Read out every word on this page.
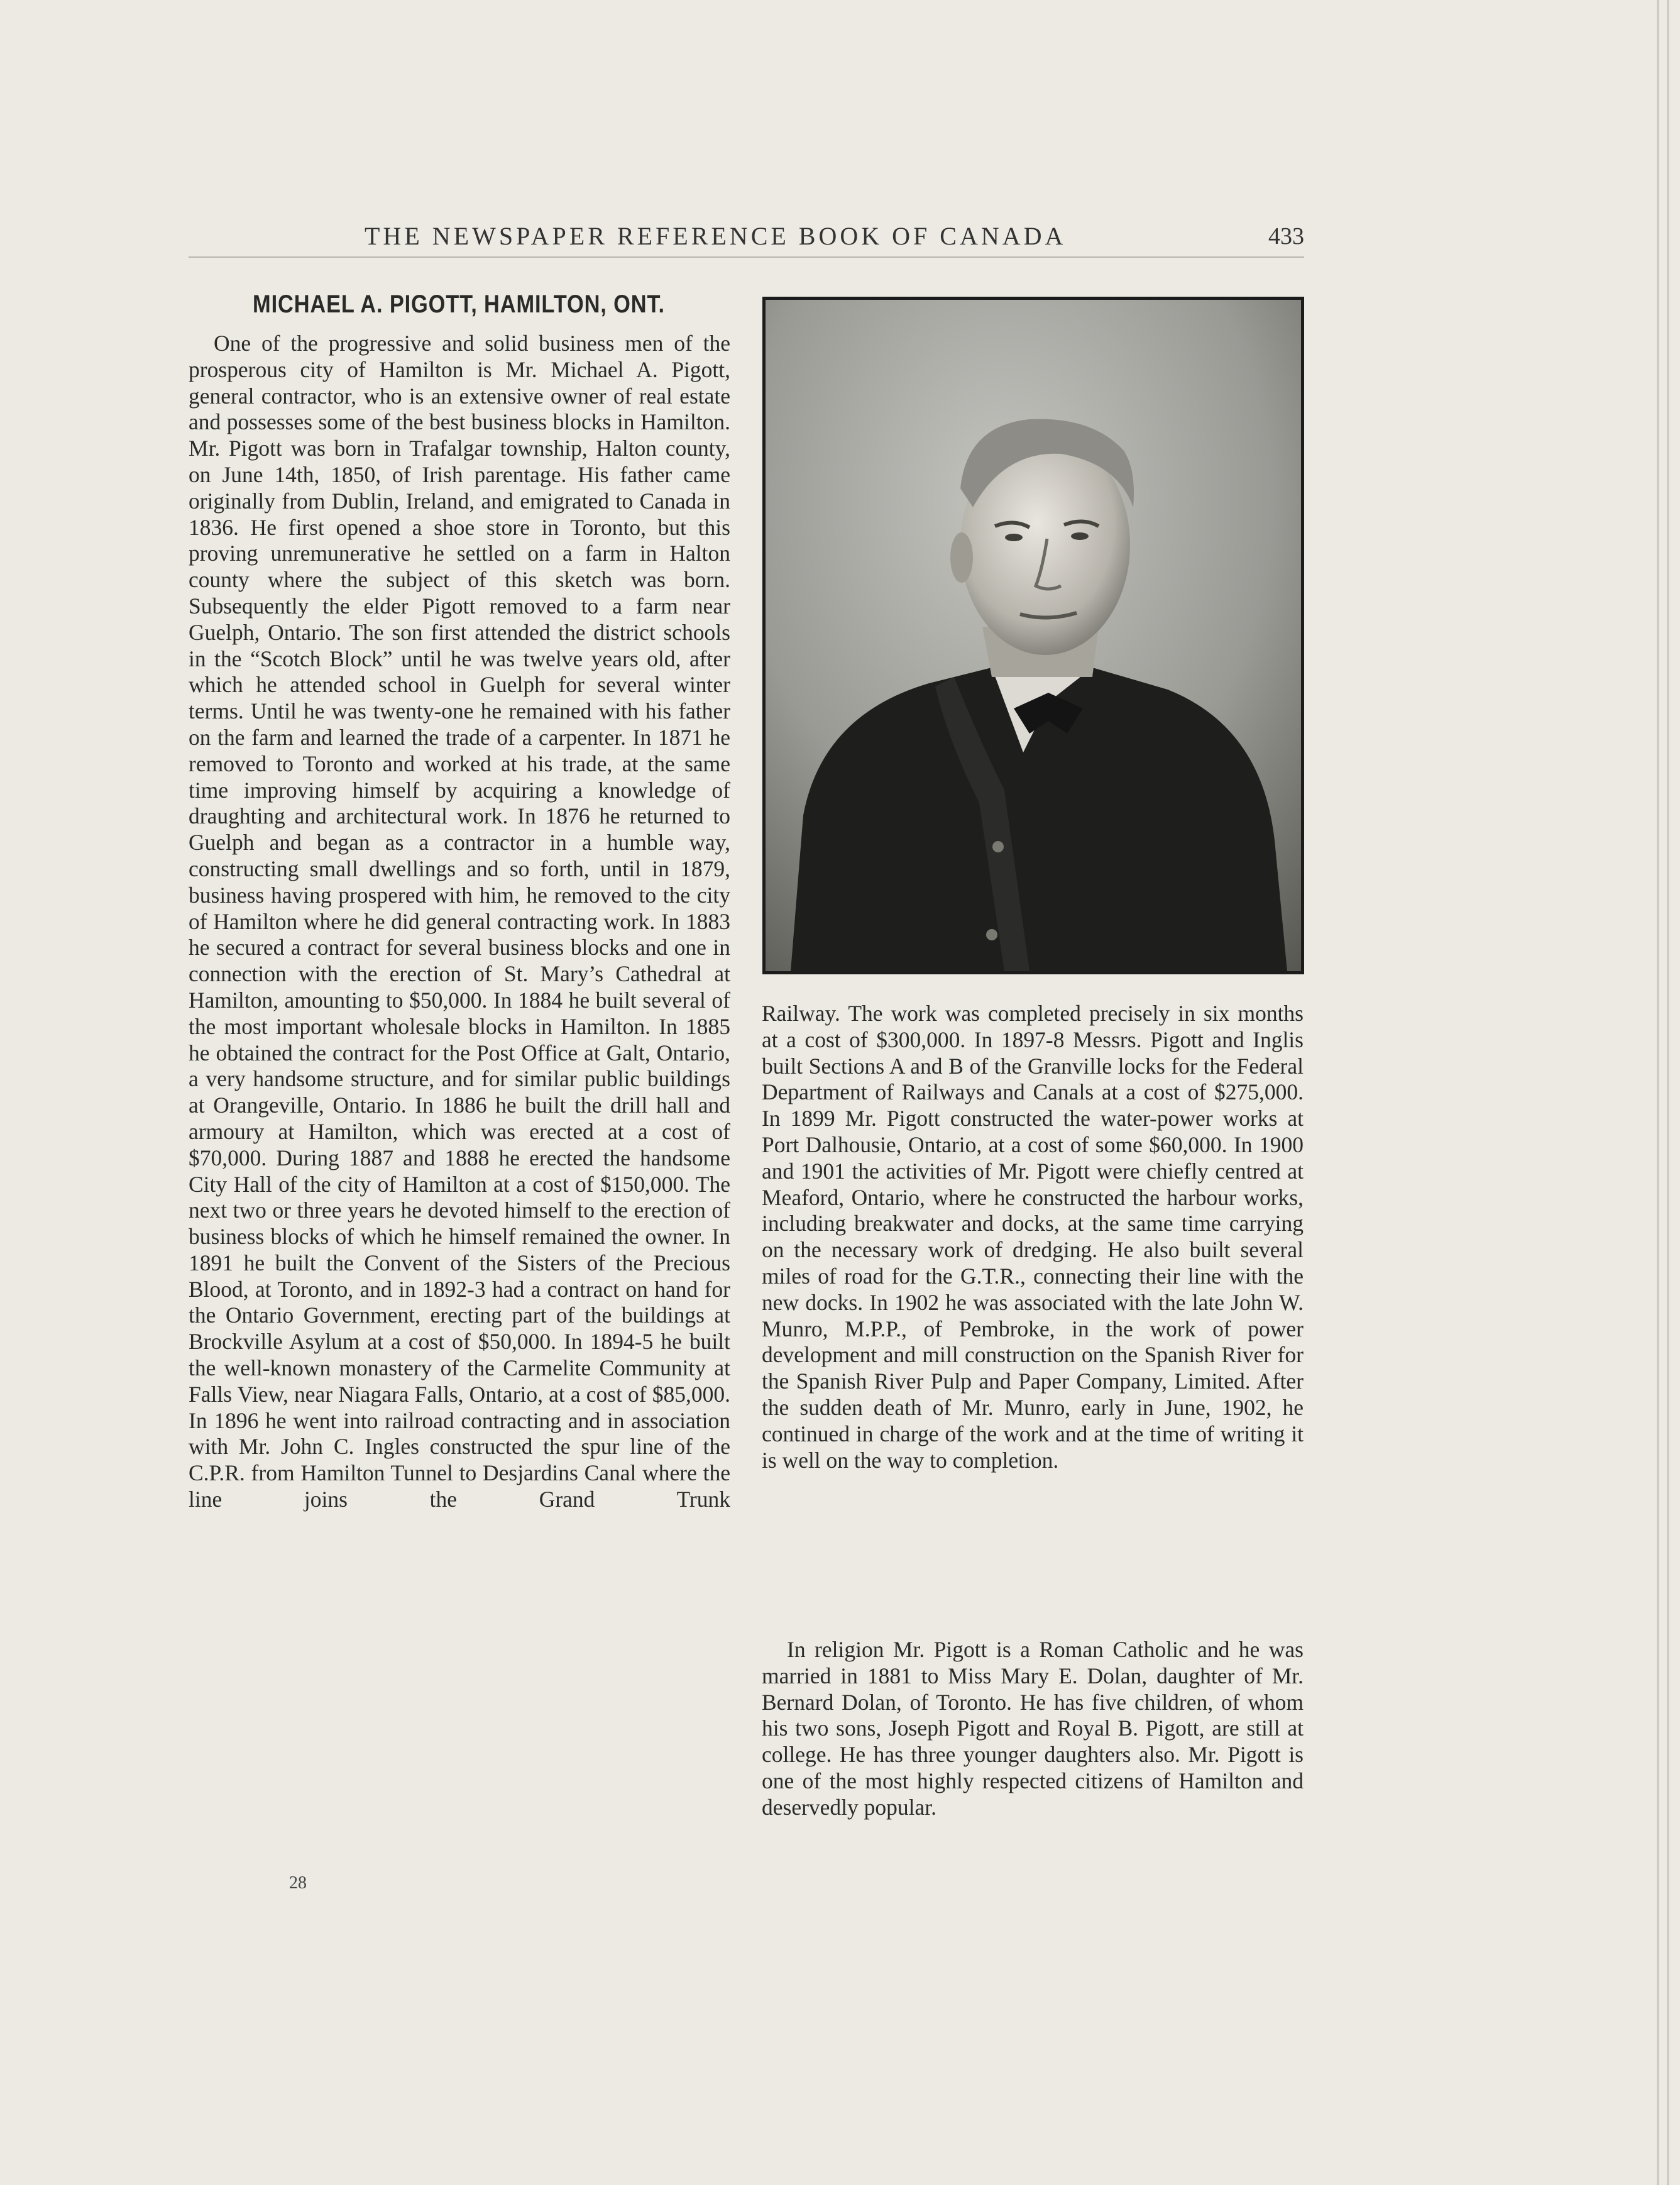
THE NEWSPAPER REFERENCE BOOK OF CANADA	433
MICHAEL A. PIGOTT, HAMILTON, ONT.

One of the progressive and solid business men of the prosperous city of Hamilton is Mr. Michael A. Pigott, general contractor, who is an extensive owner of real estate and possesses some of the best business blocks in Hamilton. Mr. Pigott was born in Trafalgar township, Halton county, on June 14th, 1850, of Irish parentage. His father came originally from Dublin, Ireland, and emigrated to Canada in 1836. He first opened a shoe store in Toronto, but this proving unremunerative he settled on a farm in Halton county where the subject of this sketch was born. Subsequently the elder Pigott removed to a farm near Guelph, Ontario. The son first attended the district schools in the “Scotch Block” until he was twelve years old, after which he attended school in Guelph for several winter terms. Until he was twenty-one he remained with his father on the farm and learned the trade of a carpenter. In 1871 he removed to Toronto and worked at his trade, at the same time improving himself by acquiring a knowledge of draughting and architectural work. In 1876 he returned to Guelph and began as a contractor in a humble way, constructing small dwellings and so forth, until in 1879, business having prospered with him, he removed to the city of Hamilton where he did general contracting work. In 1883 he secured a contract for several business blocks and one in connection with the erection of St. Mary’s Cathedral at Hamilton, amounting to $50,000. In 1884 he built several of the most important wholesale blocks in Hamilton. In 1885 he obtained the contract for the Post Office at Galt, Ontario, a very handsome structure, and for similar public buildings at Orangeville, Ontario. In 1886 he built the drill hall and armoury at Hamilton, which was erected at a cost of $70,000. During 1887 and 1888 he erected the handsome City Hall of the city of Hamilton at a cost of $150,000. The next two or three years he devoted himself to the erection of business blocks of which he himself remained the owner. In 1891 he built the Convent of the Sisters of the Precious Blood, at Toronto, and in 1892-3 had a contract on hand for the Ontario Government, erecting part of the buildings at Brockville Asylum at a cost of $50,000. In 1894-5 he built the well-known monastery of the Carmelite Community at Falls View, near Niagara Falls, Ontario, at a cost of $85,000. In 1896 he went into railroad contracting and in association with Mr. John C. Ingles constructed the spur line of the C.P.R. from Hamilton Tunnel to Desjardins Canal where the line joins the Grand Trunk

Railway. The work was completed precisely in six months at a cost of $300,000. In 1897-8 Messrs. Pigott and Inglis built Sections A and B of the Granville locks for the Federal Department of Railways and Canals at a cost of $275,000. In 1899 Mr. Pigott constructed the water-power works at Port Dalhousie, Ontario, at a cost of some $60,000. In 1900 and 1901 the activities of Mr. Pigott were chiefly centred at Meaford, Ontario, where he constructed the harbour works, including breakwater and docks, at the same time carrying on the necessary work of dredging. He also built several miles of road for the G.T.R., connecting their line with the new docks. In 1902 he was associated with the late John W. Munro, M.P.P., of Pembroke, in the work of power development and mill construction on the Spanish River for the Spanish River Pulp and Paper Company, Limited. After the sudden death of Mr. Munro, early in June, 1902, he continued in charge of the work and at the time of writing it is well on the way to completion.

In religion Mr. Pigott is a Roman Catholic and he was married in 1881 to Miss Mary E. Dolan, daughter of Mr. Bernard Dolan, of Toronto. He has five children, of whom his two sons, Joseph Pigott and Royal B. Pigott, are still at college. He has three younger daughters also. Mr. Pigott is one of the most highly respected citizens of Hamilton and deservedly popular.

28
